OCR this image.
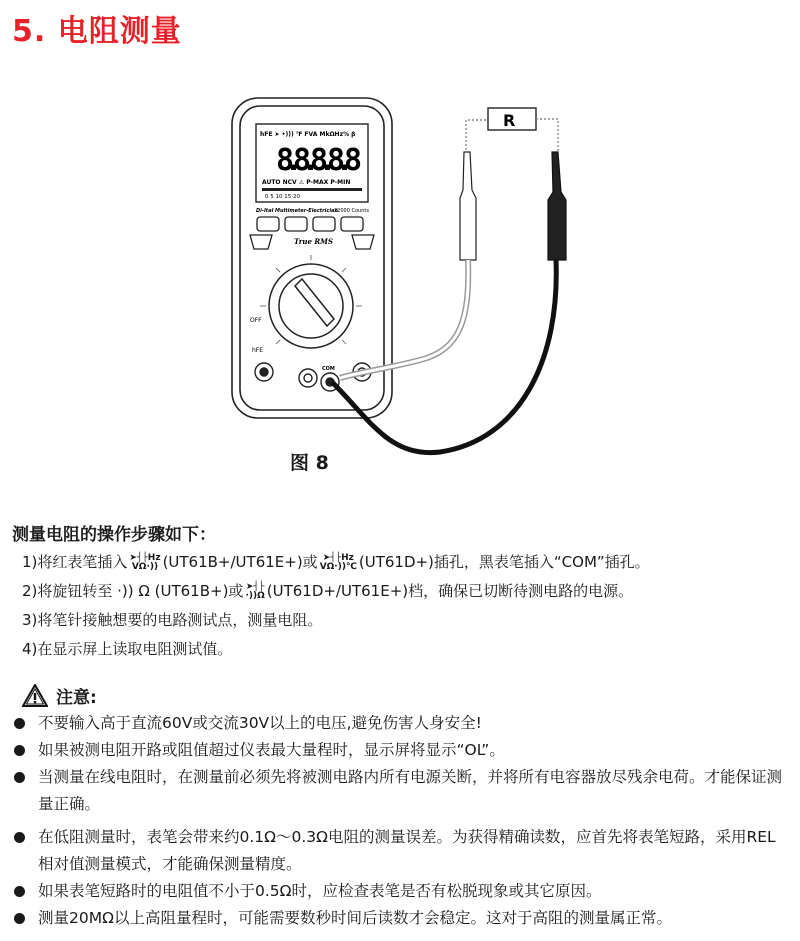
5. 电阻测量
hFE ➤ •))) ℉ FVA MkΩHz% β
8.8.8.8.8
AUTO NCV ⚠ P-MAX P-MIN
0 5 10 15 20
Di-Ital Multimeter-Electrician
22000 Counts
True RMS
OFF
hFE
COM
R
图 8
测量电阻的操作步骤如下：
1)将红表笔插入 ➤┤├Hz
VΩ·)) (UT61B+/UT61E+)或 ➤┤├Hz
VΩ·))℃ (UT61D+)插孔，黑表笔插入“COM”插孔。
2)将旋钮转至 ·)) Ω (UT61B+)或 ➤┤├
·))Ω (UT61D+/UT61E+)档，确保已切断待测电路的电源。
3)将笔针接触想要的电路测试点，测量电阻。
4)在显示屏上读取电阻测试值。
注意:
不要输入高于直流60V或交流30V以上的电压,避免伤害人身安全!
如果被测电阻开路或阻值超过仪表最大量程时，显示屏将显示“OL”。
当测量在线电阻时，在测量前必须先将被测电路内所有电源关断，并将所有电容器放尽残余电荷。才能保证测量正确。
在低阻测量时，表笔会带来约0.1Ω～0.3Ω电阻的测量误差。为获得精确读数，应首先将表笔短路，采用REL相对值测量模式，才能确保测量精度。
如果表笔短路时的电阻值不小于0.5Ω时，应检查表笔是否有松脱现象或其它原因。
测量20MΩ以上高阻量程时，可能需要数秒时间后读数才会稳定。这对于高阻的测量属正常。
